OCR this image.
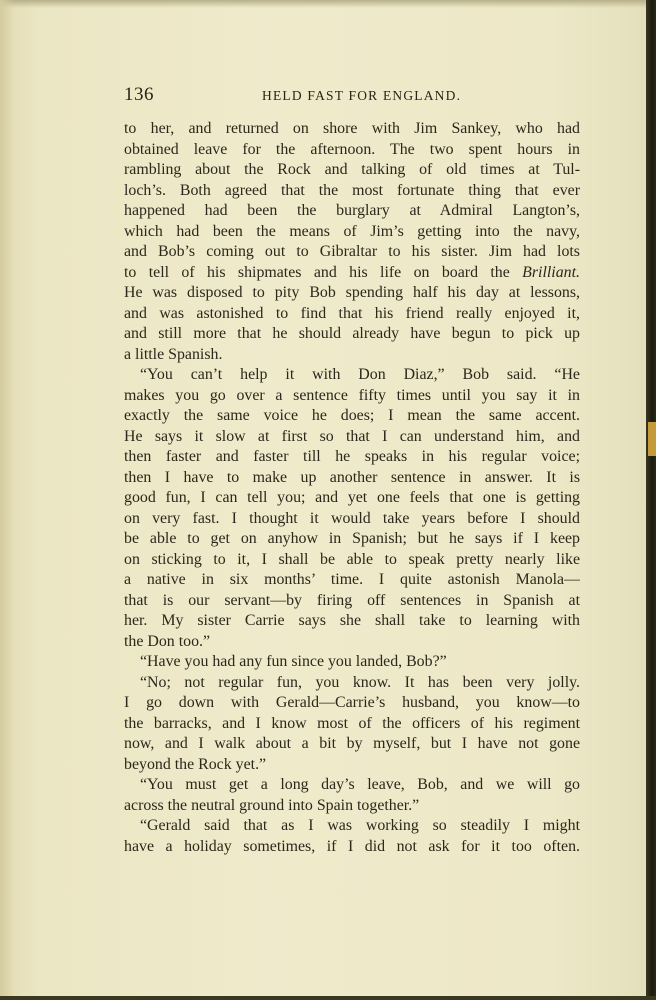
136	HELD FAST FOR ENGLAND.
to her, and returned on shore with Jim Sankey, who had
obtained leave for the afternoon. The two spent hours in
rambling about the Rock and talking of old times at Tul-
loch’s. Both agreed that the most fortunate thing that ever
happened had been the burglary at Admiral Langton’s,
which had been the means of Jim’s getting into the navy,
and Bob’s coming out to Gibraltar to his sister. Jim had lots
to tell of his shipmates and his life on board the Brilliant.
He was disposed to pity Bob spending half his day at lessons,
and was astonished to find that his friend really enjoyed it,
and still more that he should already have begun to pick up
a little Spanish.
“You can’t help it with Don Diaz,” Bob said. “He
makes you go over a sentence fifty times until you say it in
exactly the same voice he does; I mean the same accent.
He says it slow at first so that I can understand him, and
then faster and faster till he speaks in his regular voice;
then I have to make up another sentence in answer. It is
good fun, I can tell you; and yet one feels that one is getting
on very fast. I thought it would take years before I should
be able to get on anyhow in Spanish; but he says if I keep
on sticking to it, I shall be able to speak pretty nearly like
a native in six months’ time. I quite astonish Manola—
that is our servant—by firing off sentences in Spanish at
her. My sister Carrie says she shall take to learning with
the Don too.”
“Have you had any fun since you landed, Bob?”
“No; not regular fun, you know. It has been very jolly.
I go down with Gerald—Carrie’s husband, you know—to
the barracks, and I know most of the officers of his regiment
now, and I walk about a bit by myself, but I have not gone
beyond the Rock yet.”
“You must get a long day’s leave, Bob, and we will go
across the neutral ground into Spain together.”
“Gerald said that as I was working so steadily I might
have a holiday sometimes, if I did not ask for it too often.
